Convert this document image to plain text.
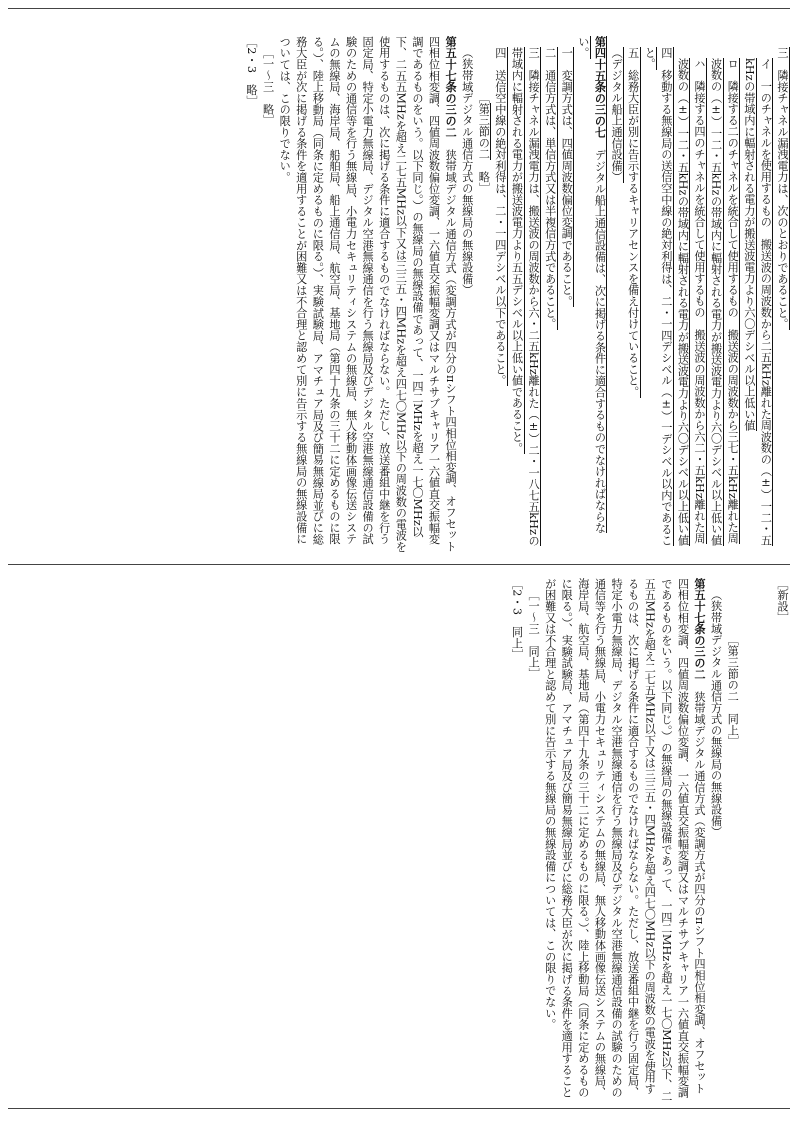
三　隣接チャネル漏洩電力は、次のとおりであること。

イ　一のチャネルを使用するもの　搬送波の周波数から二五kHz離れた周波数の（±）一二・五kHzの帯域内に輻射される電力が搬送波電力より六〇デシベル以上低い値

ロ　隣接する二のチャネルを統合して使用するもの　搬送波の周波数から三七・五kHz離れた周波数の（±）一二・五kHzの帯域内に輻射される電力が搬送波電力より六〇デシベル以上低い値

ハ　隣接する四のチャネルを統合して使用するもの　搬送波の周波数から六二・五kHz離れた周波数の（±）一二・五kHzの帯域内に輻射される電力が搬送波電力より六〇デシベル以上低い値

四　移動する無線局の送信空中線の絶対利得は、二・一四デシベル（±）一デシベル以内であること。

五　総務大臣が別に告示するキャリアセンスを備え付けていること。

（デジタル船上通信設備）

第四十五条の三の七　デジタル船上通信設備は、次に掲げる条件に適合するものでなければならない。

一　変調方式は、四値周波数偏位変調であること。

二　通信方式は、単信方式又は半複信方式であること。

三　隣接チャネル漏洩電力は、搬送波の周波数から六・二五kHz離れた（±）二・一八七五kHzの帯域内に輻射される電力が搬送波電力より五五デシベル以上低い値であること。

四　送信空中線の絶対利得は、二・一四デシベル以下であること。

［第三節の二　略］

（狭帯域デジタル通信方式の無線局の無線設備）

第五十七条の三の二　狭帯域デジタル通信方式（変調方式が四分のπシフト四相位相変調、オフセット四相位相変調、四値周波数偏位変調、一六値直交振幅変調又はマルチサブキャリア一六値直交振幅変調であるものをいう。以下同じ。）の無線局の無線設備であって、一四二MHzを超え一七〇MHz以下、二五五MHzを超え二七五MHz以下又は三三五・四MHzを超え四七〇MHz以下の周波数の電波を使用するものは、次に掲げる条件に適合するものでなければならない。ただし、放送番組中継を行う固定局、特定小電力無線局、デジタル空港無線通信を行う無線局及びデジタル空港無線通信設備の試験のための通信等を行う無線局、小電力セキュリティシステムの無線局、無人移動体画像伝送システムの無線局、海岸局、船舶局、船上通信局、航空局、基地局（第四十九条の三十二に定めるものに限る。）、陸上移動局（同条に定めるものに限る。）、実験試験局、アマチュア局及び簡易無線局並びに総務大臣が次に掲げる条件を適用することが困難又は不合理と認めて別に告示する無線局の無線設備については、この限りでない。

［一～三　略］

［2・3　略］

［新設］

［第三節の二　同上］

（狭帯域デジタル通信方式の無線局の無線設備）

第五十七条の三の二　狭帯域デジタル通信方式（変調方式が四分のπシフト四相位相変調、オフセット四相位相変調、四値周波数偏位変調、一六値直交振幅変調又はマルチサブキャリア一六値直交振幅変調であるものをいう。以下同じ。）の無線局の無線設備であって、一四二MHzを超え一七〇MHz以下、二五五MHzを超え二七五MHz以下又は三三五・四MHzを超え四七〇MHz以下の周波数の電波を使用するものは、次に掲げる条件に適合するものでなければならない。ただし、放送番組中継を行う固定局、特定小電力無線局、デジタル空港無線通信を行う無線局及びデジタル空港無線通信設備の試験のための通信等を行う無線局、小電力セキュリティシステムの無線局、無人移動体画像伝送システムの無線局、海岸局、航空局、基地局（第四十九条の三十二に定めるものに限る。）、陸上移動局（同条に定めるものに限る。）、実験試験局、アマチュア局及び簡易無線局並びに総務大臣が次に掲げる条件を適用することが困難又は不合理と認めて別に告示する無線局の無線設備については、この限りでない。

［一～三　同上］

［2・3　同上］
